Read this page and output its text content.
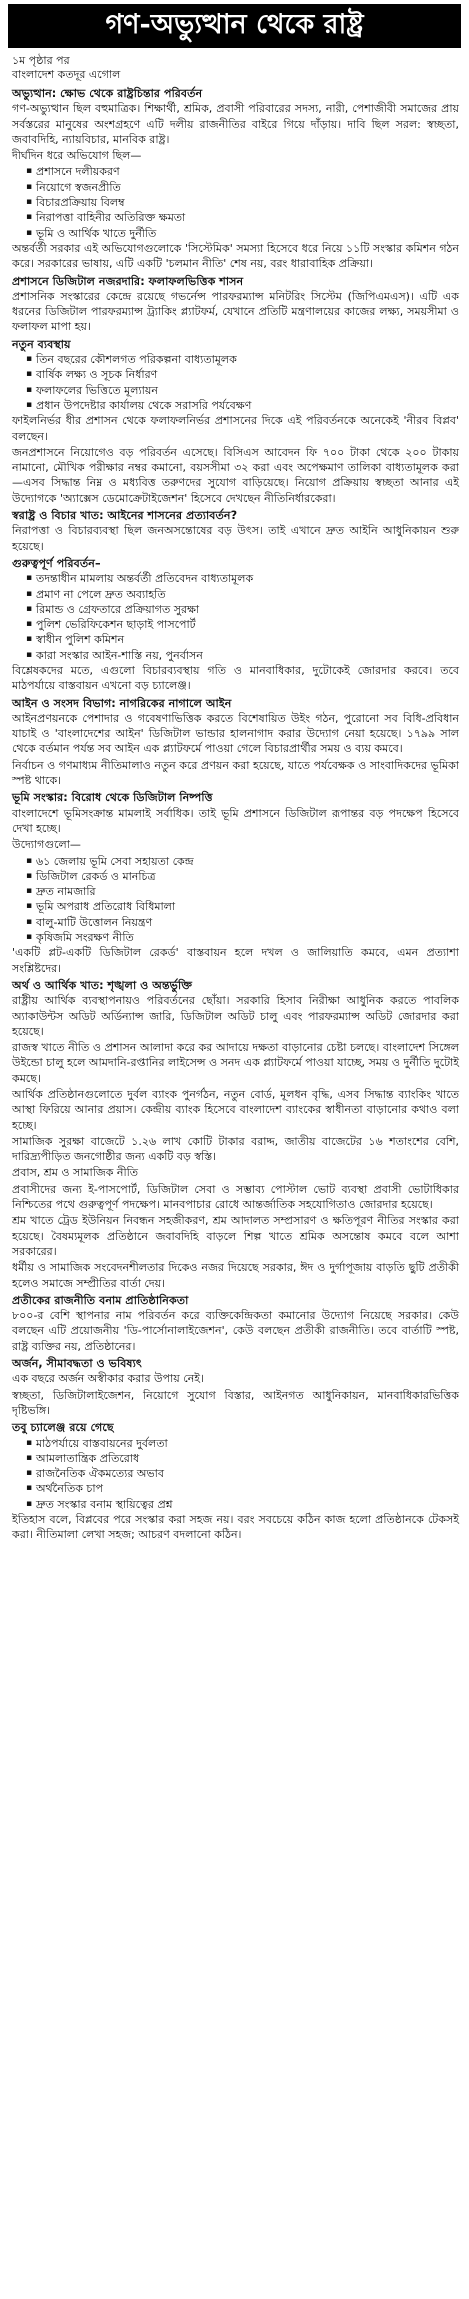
গণ-অভ্যুত্থান থেকে রাষ্ট্র
১ম পৃষ্ঠার পর
বাংলাদেশ কতদূর এগোল
অভ্যুত্থান: ক্ষোভ থেকে রাষ্ট্রচিন্তার পরিবর্তন

গণ-অভ্যুত্থান ছিল বহুমাত্রিক। শিক্ষার্থী, শ্রমিক, প্রবাসী পরিবারের সদস্য, নারী, পেশাজীবী সমাজের প্রায় সর্বস্তরের মানুষের অংশগ্রহণে এটি দলীয় রাজনীতির বাইরে গিয়ে দাঁড়ায়। দাবি ছিল সরল: স্বচ্ছতা, জবাবদিহি, ন্যায়বিচার, মানবিক রাষ্ট্র।

দীর্ঘদিন ধরে অভিযোগ ছিল—

▪ প্রশাসনে দলীয়করণ
▪ নিয়োগে স্বজনপ্রীতি
▪ বিচারপ্রক্রিয়ায় বিলম্ব
▪ নিরাপত্তা বাহিনীর অতিরিক্ত ক্ষমতা
▪ ভূমি ও আর্থিক খাতে দুর্নীতি

অন্তর্বর্তী সরকার এই অভিযোগগুলোকে 'সিস্টেমিক' সমস্যা হিসেবে ধরে নিয়ে ১১টি সংস্কার কমিশন গঠন করে। সরকারের ভাষায়, এটি একটি 'চলমান নীতি' শেষ নয়, বরং ধারাবাহিক প্রক্রিয়া।

প্রশাসনে ডিজিটাল নজরদারি: ফলাফলভিত্তিক শাসন

প্রশাসনিক সংস্কারের কেন্দ্রে রয়েছে গভর্নেন্স পারফরম্যান্স মনিটরিং সিস্টেম (জিপিএমএস)। এটি এক ধরনের ডিজিটাল পারফরম্যান্স ট্র্যাকিং প্ল্যাটফর্ম, যেখানে প্রতিটি মন্ত্রণালয়ের কাজের লক্ষ্য, সময়সীমা ও ফলাফল মাপা হয়।

নতুন ব্যবস্থায়
▪ তিন বছরের কৌশলগত পরিকল্পনা বাধ্যতামূলক
▪ বার্ষিক লক্ষ্য ও সূচক নির্ধারণ
▪ ফলাফলের ভিত্তিতে মূল্যায়ন
▪ প্রধান উপদেষ্টার কার্যালয় থেকে সরাসরি পর্যবেক্ষণ

ফাইলনির্ভর ধীর প্রশাসন থেকে ফলাফলনির্ভর প্রশাসনের দিকে এই পরিবর্তনকে অনেকেই 'নীরব বিপ্লব' বলছেন।

জনপ্রশাসনে নিয়োগেও বড় পরিবর্তন এসেছে। বিসিএস আবেদন ফি ৭০০ টাকা থেকে ২০০ টাকায় নামানো, মৌখিক পরীক্ষার নম্বর কমানো, বয়সসীমা ৩২ করা এবং অপেক্ষমাণ তালিকা বাধ্যতামূলক করা—এসব সিদ্ধান্ত নিম্ন ও মধ্যবিত্ত তরুণদের সুযোগ বাড়িয়েছে। নিয়োগ প্রক্রিয়ায় স্বচ্ছতা আনার এই উদ্যোগকে 'অ্যাক্সেস ডেমোক্রেটাইজেশন' হিসেবে দেখছেন নীতিনির্ধারকেরা।

স্বরাষ্ট্র ও বিচার খাত: আইনের শাসনের প্রত্যাবর্তন?

নিরাপত্তা ও বিচারব্যবস্থা ছিল জনঅসন্তোষের বড় উৎস। তাই এখানে দ্রুত আইনি আধুনিকায়ন শুরু হয়েছে।

গুরুত্বপূর্ণ পরিবর্তন–
▪ তদন্তাধীন মামলায় অন্তর্বর্তী প্রতিবেদন বাধ্যতামূলক
▪ প্রমাণ না পেলে দ্রুত অব্যাহতি
▪ রিমান্ড ও গ্রেফতারে প্রক্রিয়াগত সুরক্ষা
▪ পুলিশ ভেরিফিকেশন ছাড়াই পাসপোর্ট
▪ স্বাধীন পুলিশ কমিশন
▪ কারা সংস্কার আইন-শাস্তি নয়, পুনর্বাসন

বিশ্লেষকদের মতে, এগুলো বিচারব্যবস্থায় গতি ও মানবাধিকার, দুটোকেই জোরদার করবে। তবে মাঠপর্যায়ে বাস্তবায়ন এখনো বড় চ্যালেঞ্জ।

আইন ও সংসদ বিভাগ: নাগরিকের নাগালে আইন

আইনপ্রণয়নকে পেশাদার ও গবেষণাভিত্তিক করতে বিশেষায়িত উইং গঠন, পুরোনো সব বিধি-প্রবিধান যাচাই ও 'বাংলাদেশের আইন' ডিজিটাল ভান্ডার হালনাগাদ করার উদ্যোগ নেয়া হয়েছে। ১৭৯৯ সাল থেকে বর্তমান পর্যন্ত সব আইন এক প্ল্যাটফর্মে পাওয়া গেলে বিচারপ্রার্থীর সময় ও ব্যয় কমবে।

নির্বাচন ও গণমাধ্যম নীতিমালাও নতুন করে প্রণয়ন করা হয়েছে, যাতে পর্যবেক্ষক ও সাংবাদিকদের ভূমিকা স্পষ্ট থাকে।

ভূমি সংস্কার: বিরোধ থেকে ডিজিটাল নিষ্পত্তি

বাংলাদেশে ভূমিসংক্রান্ত মামলাই সর্বাধিক। তাই ভূমি প্রশাসনে ডিজিটাল রূপান্তর বড় পদক্ষেপ হিসেবে দেখা হচ্ছে।

উদ্যোগগুলো—

▪ ৬১ জেলায় ভূমি সেবা সহায়তা কেন্দ্র
▪ ডিজিটাল রেকর্ড ও মানচিত্র
▪ দ্রুত নামজারি
▪ ভূমি অপরাধ প্রতিরোধ বিধিমালা
▪ বালু-মাটি উত্তোলন নিয়ন্ত্রণ
▪ কৃষিজমি সংরক্ষণ নীতি

'একটি প্লট-একটি ডিজিটাল রেকর্ড' বাস্তবায়ন হলে দখল ও জালিয়াতি কমবে, এমন প্রত্যাশা সংশ্লিষ্টদের।

অর্থ ও আর্থিক খাত: শৃঙ্খলা ও অন্তর্ভুক্তি

রাষ্ট্রীয় আর্থিক ব্যবস্থাপনায়ও পরিবর্তনের ছোঁয়া। সরকারি হিসাব নিরীক্ষা আধুনিক করতে পাবলিক অ্যাকাউন্টস অডিট অর্ডিন্যান্স জারি, ডিজিটাল অডিট চালু এবং পারফরম্যান্স অডিট জোরদার করা হয়েছে।

রাজস্ব খাতে নীতি ও প্রশাসন আলাদা করে কর আদায়ে দক্ষতা বাড়ানোর চেষ্টা চলছে। বাংলাদেশ সিঙ্গেল উইন্ডো চালু হলে আমদানি-রপ্তানির লাইসেন্স ও সনদ এক প্ল্যাটফর্মে পাওয়া যাচ্ছে, সময় ও দুর্নীতি দুটোই কমছে।

আর্থিক প্রতিষ্ঠানগুলোতে দুর্বল ব্যাংক পুনর্গঠন, নতুন বোর্ড, মূলধন বৃদ্ধি, এসব সিদ্ধান্ত ব্যাংকিং খাতে আস্থা ফিরিয়ে আনার প্রয়াস। কেন্দ্রীয় ব্যাংক হিসেবে বাংলাদেশ ব্যাংকের স্বাধীনতা বাড়ানোর কথাও বলা হচ্ছে।

সামাজিক সুরক্ষা বাজেটে ১.২৬ লাখ কোটি টাকার বরাদ্দ, জাতীয় বাজেটের ১৬ শতাংশের বেশি, দারিদ্র্যপীড়িত জনগোষ্ঠীর জন্য একটি বড় স্বস্তি।

প্রবাস, শ্রম ও সামাজিক নীতি

প্রবাসীদের জন্য ই-পাসপোর্ট, ডিজিটাল সেবা ও সম্ভাব্য পোস্টাল ভোট ব্যবস্থা প্রবাসী ভোটাধিকার নিশ্চিতের পথে গুরুত্বপূর্ণ পদক্ষেপ। মানবপাচার রোধে আন্তর্জাতিক সহযোগিতাও জোরদার হয়েছে।

শ্রম খাতে ট্রেড ইউনিয়ন নিবন্ধন সহজীকরণ, শ্রম আদালত সম্প্রসারণ ও ক্ষতিপূরণ নীতির সংস্কার করা হয়েছে। বৈষম্যমূলক প্রতিষ্ঠানে জবাবদিহি বাড়লে শিল্প খাতে শ্রমিক অসন্তোষ কমবে বলে আশা সরকারের।

ধর্মীয় ও সামাজিক সংবেদনশীলতার দিকেও নজর দিয়েছে সরকার, ঈদ ও দুর্গাপূজায় বাড়তি ছুটি প্রতীকী হলেও সমাজে সম্প্রীতির বার্তা দেয়।

প্রতীকের রাজনীতি বনাম প্রাতিষ্ঠানিকতা

৮০০-র বেশি স্থাপনার নাম পরিবর্তন করে ব্যক্তিকেন্দ্রিকতা কমানোর উদ্যোগ নিয়েছে সরকার। কেউ বলছেন এটি প্রয়োজনীয় 'ডি-পার্সোনালাইজেশন', কেউ বলছেন প্রতীকী রাজনীতি। তবে বার্তাটি স্পষ্ট, রাষ্ট্র ব্যক্তির নয়, প্রতিষ্ঠানের।

অর্জন, সীমাবদ্ধতা ও ভবিষ্যৎ

এক বছরে অর্জন অস্বীকার করার উপায় নেই।

স্বচ্ছতা, ডিজিটালাইজেশন, নিয়োগে সুযোগ বিস্তার, আইনগত আধুনিকায়ন, মানবাধিকারভিত্তিক দৃষ্টিভঙ্গি।

তবু চ্যালেঞ্জ রয়ে গেছে
▪ মাঠপর্যায়ে বাস্তবায়নের দুর্বলতা
▪ আমলাতান্ত্রিক প্রতিরোধ
▪ রাজনৈতিক ঐকমত্যের অভাব
▪ অর্থনৈতিক চাপ
▪ দ্রুত সংস্কার বনাম স্থায়িত্বের প্রশ্ন

ইতিহাস বলে, বিপ্লবের পরে সংস্কার করা সহজ নয়। বরং সবচেয়ে কঠিন কাজ হলো প্রতিষ্ঠানকে টেকসই করা। নীতিমালা লেখা সহজ; আচরণ বদলানো কঠিন।
